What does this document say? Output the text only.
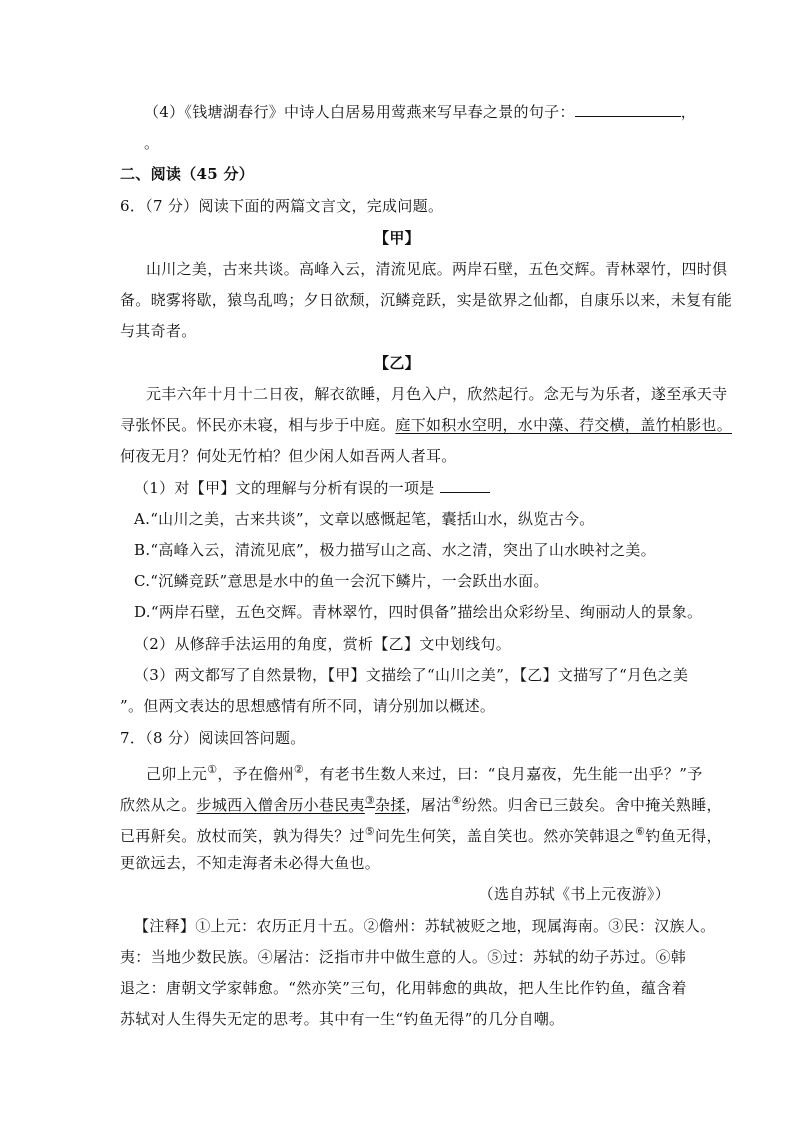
（4）《钱塘湖春行》中诗人白居易用莺燕来写早春之景的句子：	，
。
二、阅读（45 分）
6．（7 分）阅读下面的两篇文言文，完成问题。
【甲】
山川之美，古来共谈。高峰入云，清流见底。两岸石壁，五色交辉。青林翠竹，四时俱
备。晓雾将歇，猿鸟乱鸣；夕日欲颓，沉鳞竞跃，实是欲界之仙都，自康乐以来，未复有能
与其奇者。
【乙】
元丰六年十月十二日夜，解衣欲睡，月色入户，欣然起行。念无与为乐者，遂至承天寺
寻张怀民。怀民亦未寝，相与步于中庭。庭下如积水空明，水中藻、荇交横，盖竹柏影也。
何夜无月？何处无竹柏？但少闲人如吾两人者耳。
（1）对【甲】文的理解与分析有误的一项是
A.“山川之美，古来共谈”，文章以感慨起笔，囊括山水，纵览古今。
B.“高峰入云，清流见底”，极力描写山之高、水之清，突出了山水映衬之美。
C.“沉鳞竞跃”意思是水中的鱼一会沉下鳞片，一会跃出水面。
D.“两岸石壁，五色交辉。青林翠竹，四时俱备”描绘出众彩纷呈、绚丽动人的景象。
（2）从修辞手法运用的角度，赏析【乙】文中划线句。
（3）两文都写了自然景物，【甲】文描绘了“山川之美”，【乙】文描写了“月色之美
”。但两文表达的思想感情有所不同，请分别加以概述。
7．（8 分）阅读回答问题。
己卯上元①，予在儋州②，有老书生数人来过，曰：“良月嘉夜，先生能一出乎？”予
欣然从之。步城西入僧舍历小巷民夷③杂揉，屠沽④纷然。归舍已三鼓矣。舍中掩关熟睡，
已再鼾矣。放杖而笑，孰为得失？过⑤问先生何笑，盖自笑也。然亦笑韩退之⑥钓鱼无得，
更欲远去，不知走海者未必得大鱼也。
（选自苏轼《书上元夜游》）
【注释】①上元：农历正月十五。②儋州：苏轼被贬之地，现属海南。③民：汉族人。
夷：当地少数民族。④屠沽：泛指市井中做生意的人。⑤过：苏轼的幼子苏过。⑥韩
退之：唐朝文学家韩愈。“然亦笑”三句，化用韩愈的典故，把人生比作钓鱼，蕴含着
苏轼对人生得失无定的思考。其中有一生“钓鱼无得”的几分自嘲。
